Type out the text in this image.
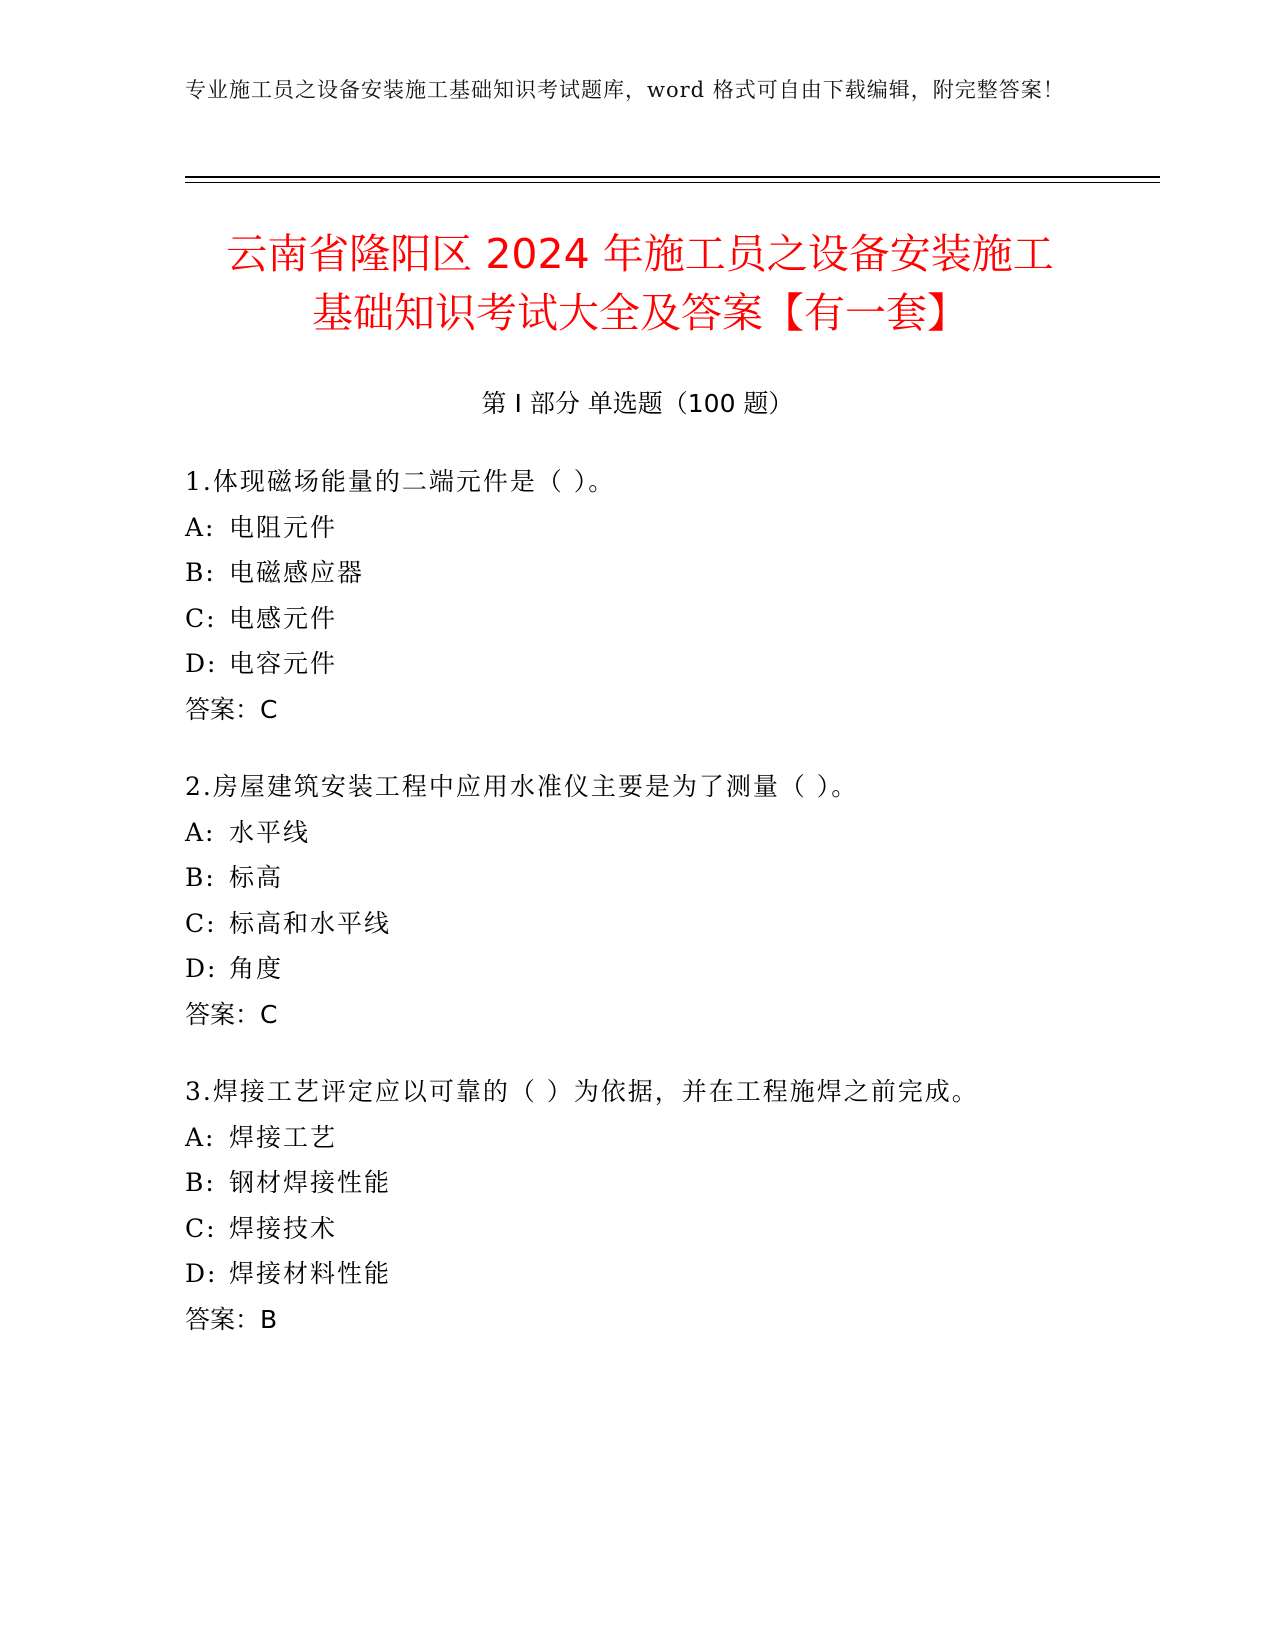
专业施工员之设备安装施工基础知识考试题库，word 格式可自由下载编辑，附完整答案！
云南省隆阳区 2024 年施工员之设备安装施工
基础知识考试大全及答案【有一套】
第 I 部分 单选题（100 题）
1.体现磁场能量的二端元件是（ ）。
A: 电阻元件
B: 电磁感应器
C: 电感元件
D: 电容元件
答案：C
2.房屋建筑安装工程中应用水准仪主要是为了测量（ ）。
A: 水平线
B: 标高
C: 标高和水平线
D: 角度
答案：C
3.焊接工艺评定应以可靠的（ ）为依据，并在工程施焊之前完成。
A: 焊接工艺
B: 钢材焊接性能
C: 焊接技术
D: 焊接材料性能
答案：B
